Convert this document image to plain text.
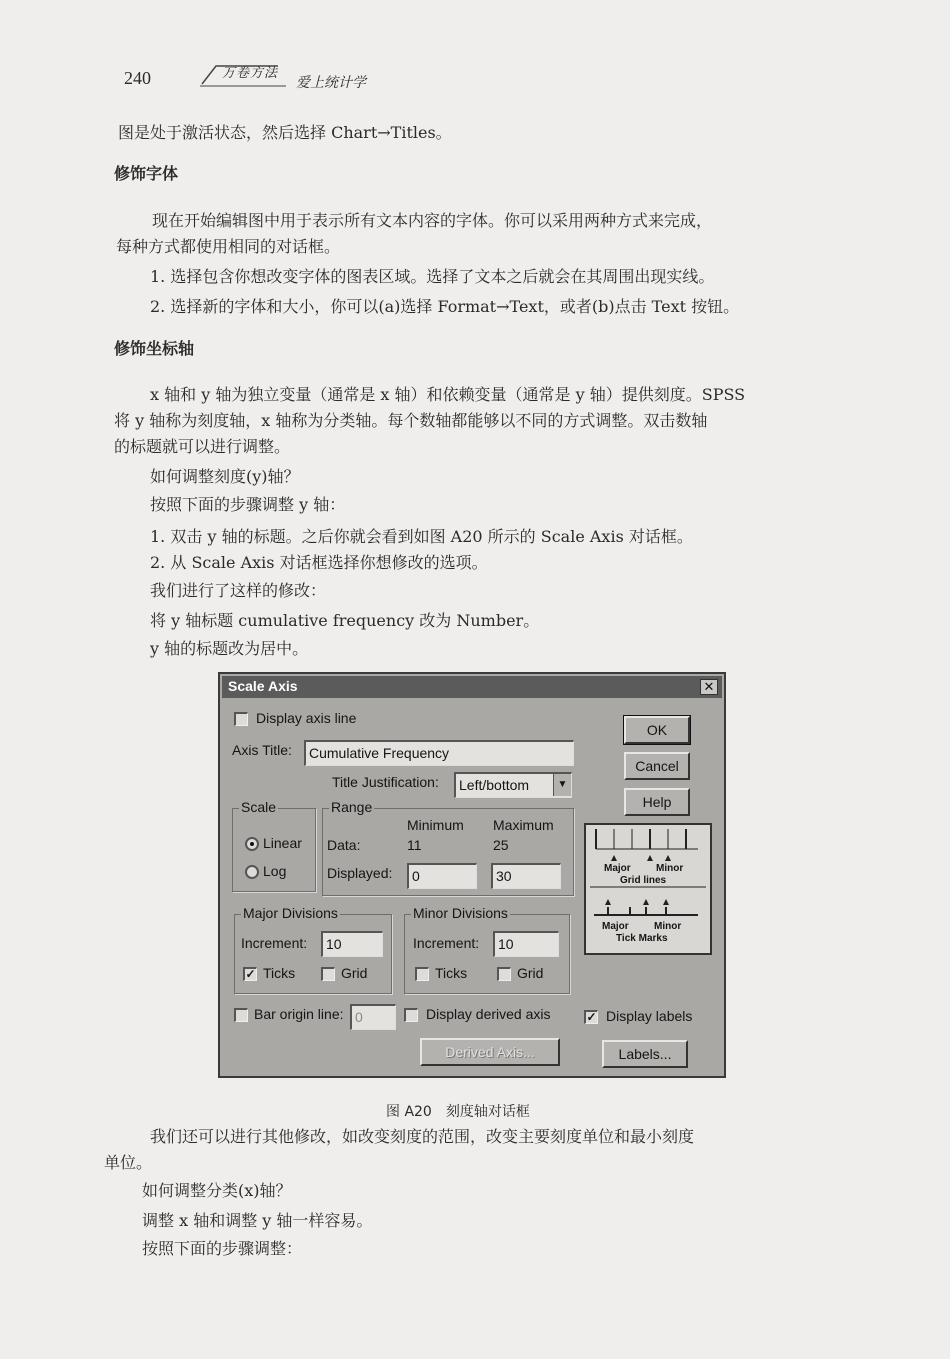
240	万卷方法
爱上统计学
图是处于激活状态，然后选择 Chart→Titles。
修饰字体
现在开始编辑图中用于表示所有文本内容的字体。你可以采用两种方式来完成，
每种方式都使用相同的对话框。
1. 选择包含你想改变字体的图表区域。选择了文本之后就会在其周围出现实线。
2. 选择新的字体和大小，你可以(a)选择 Format→Text，或者(b)点击 Text 按钮。
修饰坐标轴
x 轴和 y 轴为独立变量（通常是 x 轴）和依赖变量（通常是 y 轴）提供刻度。SPSS
将 y 轴称为刻度轴，x 轴称为分类轴。每个数轴都能够以不同的方式调整。双击数轴
的标题就可以进行调整。
如何调整刻度(y)轴？
按照下面的步骤调整 y 轴：
1. 双击 y 轴的标题。之后你就会看到如图 A20 所示的 Scale Axis 对话框。
2. 从 Scale Axis 对话框选择你想修改的选项。
我们进行了这样的修改：
将 y 轴标题 cumulative frequency 改为 Number。
y 轴的标题改为居中。
Scale Axis	✕
Display axis line
Axis Title:	Cumulative Frequency
Title Justification:	Left/bottom	▼
OK
Cancel
Help
Scale
Linear
Log
Range
Minimum Maximum
Data:	11	25
Displayed:	0	30	Major	Minor
Grid lines
Major	Minor
Tick Marks
Major Divisions
Increment:	10
✓ Ticks	Grid
Minor Divisions
Increment:	10
Ticks	Grid
Bar origin line: 0	Display derived axis	✓ Display labels
Derived Axis...	Labels...
图 A20　刻度轴对话框
我们还可以进行其他修改，如改变刻度的范围，改变主要刻度单位和最小刻度
单位。
如何调整分类(x)轴？
调整 x 轴和调整 y 轴一样容易。
按照下面的步骤调整：
